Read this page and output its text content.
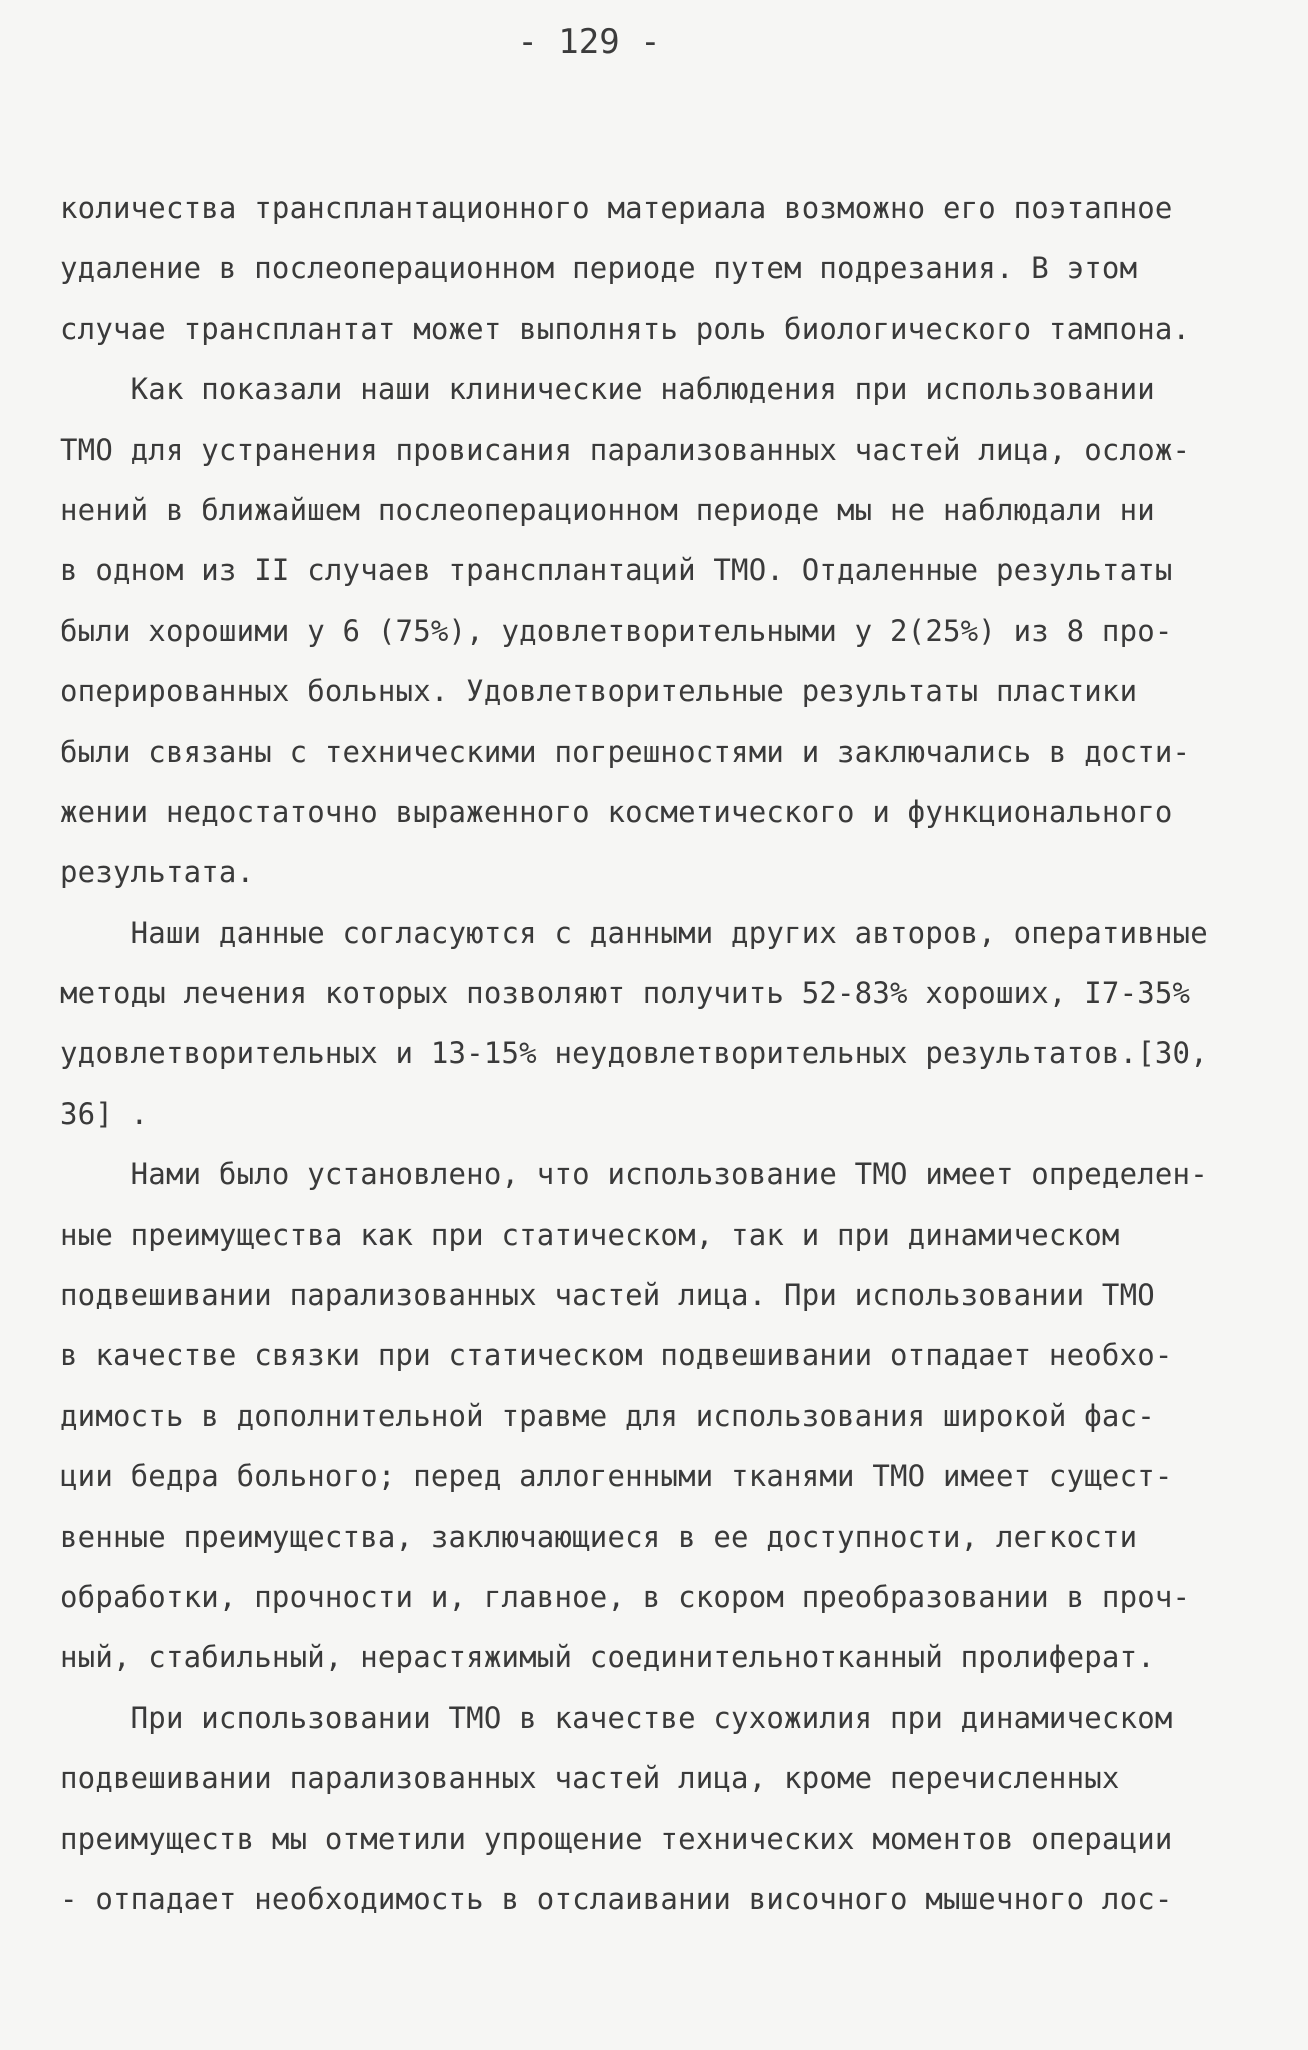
- 129 -
количества трансплантационного материала возможно его поэтапное
удаление в послеоперационном периоде путем подрезания. В этом
случае трансплантат может выполнять роль биологического тампона.
Как показали наши клинические наблюдения при использовании
ТМО для устранения провисания парализованных частей лица, ослож-
нений в ближайшем послеоперационном периоде мы не наблюдали ни
в одном из II случаев трансплантаций ТМО. Отдаленные результаты
были хорошими у 6 (75%), удовлетворительными у 2(25%) из 8 про-
оперированных больных. Удовлетворительные результаты пластики
были связаны с техническими погрешностями и заключались в дости-
жении недостаточно выраженного косметического и функционального
результата.
Наши данные согласуются с данными других авторов, оперативные
методы лечения которых позволяют получить 52-83% хороших, I7-35%
удовлетворительных и 13-15% неудовлетворительных результатов.[30,
36] .
Нами было установлено, что использование ТМО имеет определен-
ные преимущества как при статическом, так и при динамическом
подвешивании парализованных частей лица. При использовании ТМО
в качестве связки при статическом подвешивании отпадает необхо-
димость в дополнительной травме для использования широкой фас-
ции бедра больного; перед аллогенными тканями ТМО имеет сущест-
венные преимущества, заключающиеся в ее доступности, легкости
обработки, прочности и, главное, в скором преобразовании в проч-
ный, стабильный, нерастяжимый соединительнотканный пролиферат.
При использовании ТМО в качестве сухожилия при динамическом
подвешивании парализованных частей лица, кроме перечисленных
преимуществ мы отметили упрощение технических моментов операции
- отпадает необходимость в отслаивании височного мышечного лос-
